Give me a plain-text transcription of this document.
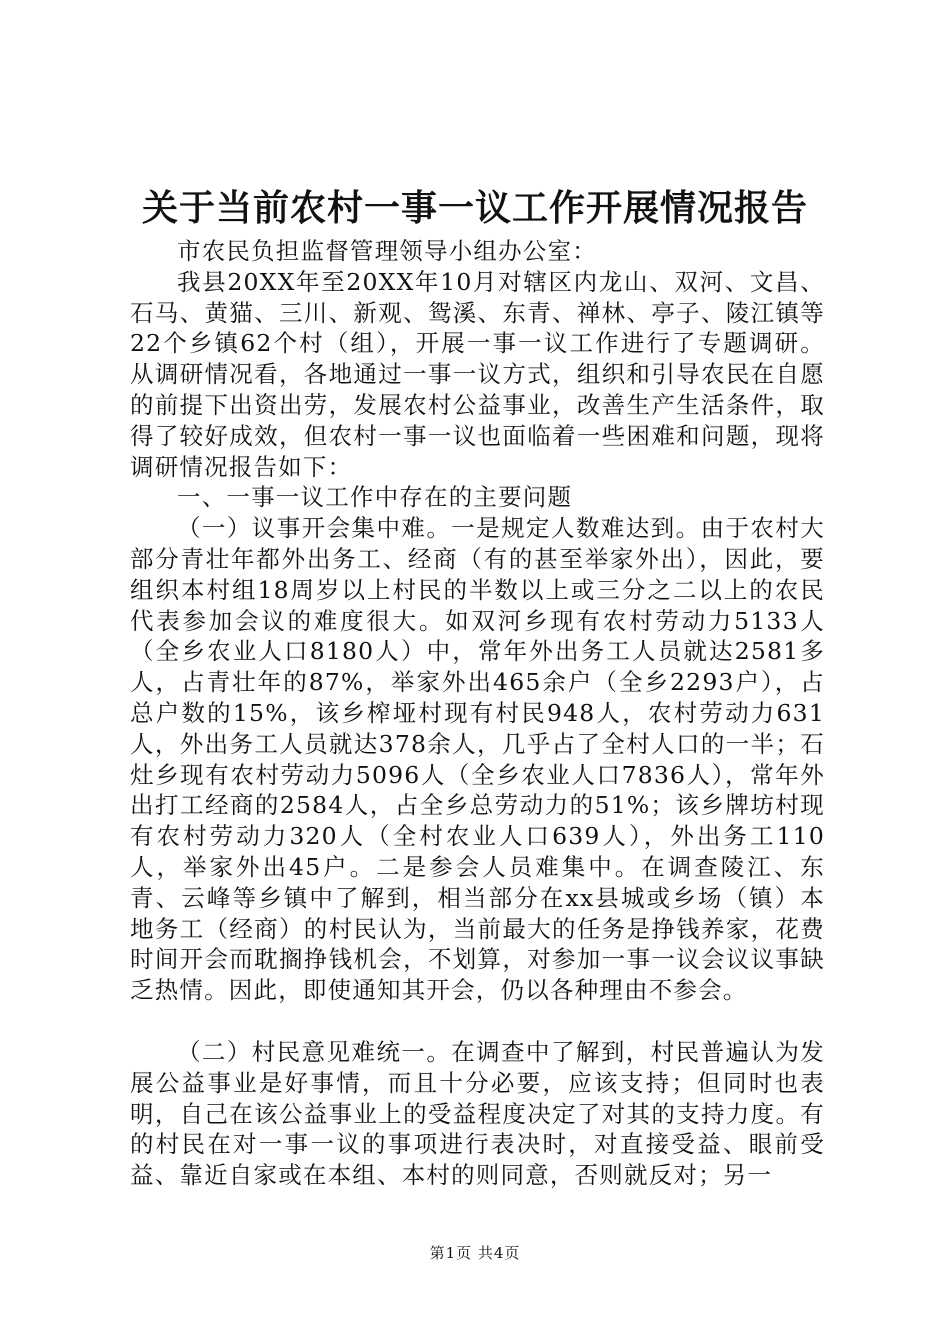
关于当前农村一事一议工作开展情况报告

市农民负担监督管理领导小组办公室：

我县20XX年至20XX年10月对辖区内龙山、双河、文昌、石马、黄猫、三川、新观、鸳溪、东青、禅林、亭子、陵江镇等22个乡镇62个村（组），开展一事一议工作进行了专题调研。从调研情况看，各地通过一事一议方式，组织和引导农民在自愿的前提下出资出劳，发展农村公益事业，改善生产生活条件，取得了较好成效，但农村一事一议也面临着一些困难和问题，现将调研情况报告如下：

一、一事一议工作中存在的主要问题

（一）议事开会集中难。一是规定人数难达到。由于农村大部分青壮年都外出务工、经商（有的甚至举家外出），因此，要组织本村组18周岁以上村民的半数以上或三分之二以上的农民代表参加会议的难度很大。如双河乡现有农村劳动力5133人（全乡农业人口8180人）中，常年外出务工人员就达2581多人，占青壮年的87%，举家外出465余户（全乡2293户），占总户数的15%，该乡榨垭村现有村民948人，农村劳动力631人，外出务工人员就达378余人，几乎占了全村人口的一半；石灶乡现有农村劳动力5096人（全乡农业人口7836人），常年外出打工经商的2584人，占全乡总劳动力的51%；该乡牌坊村现有农村劳动力320人（全村农业人口639人），外出务工110人，举家外出45户。二是参会人员难集中。在调查陵江、东青、云峰等乡镇中了解到，相当部分在xx县城或乡场（镇）本地务工（经商）的村民认为，当前最大的任务是挣钱养家，花费时间开会而耽搁挣钱机会，不划算，对参加一事一议会议议事缺乏热情。因此，即使通知其开会，仍以各种理由不参会。

（二）村民意见难统一。在调查中了解到，村民普遍认为发展公益事业是好事情，而且十分必要，应该支持；但同时也表明，自己在该公益事业上的受益程度决定了对其的支持力度。有的村民在对一事一议的事项进行表决时，对直接受益、眼前受益、靠近自家或在本组、本村的则同意，否则就反对；另一

第1页 共4页
